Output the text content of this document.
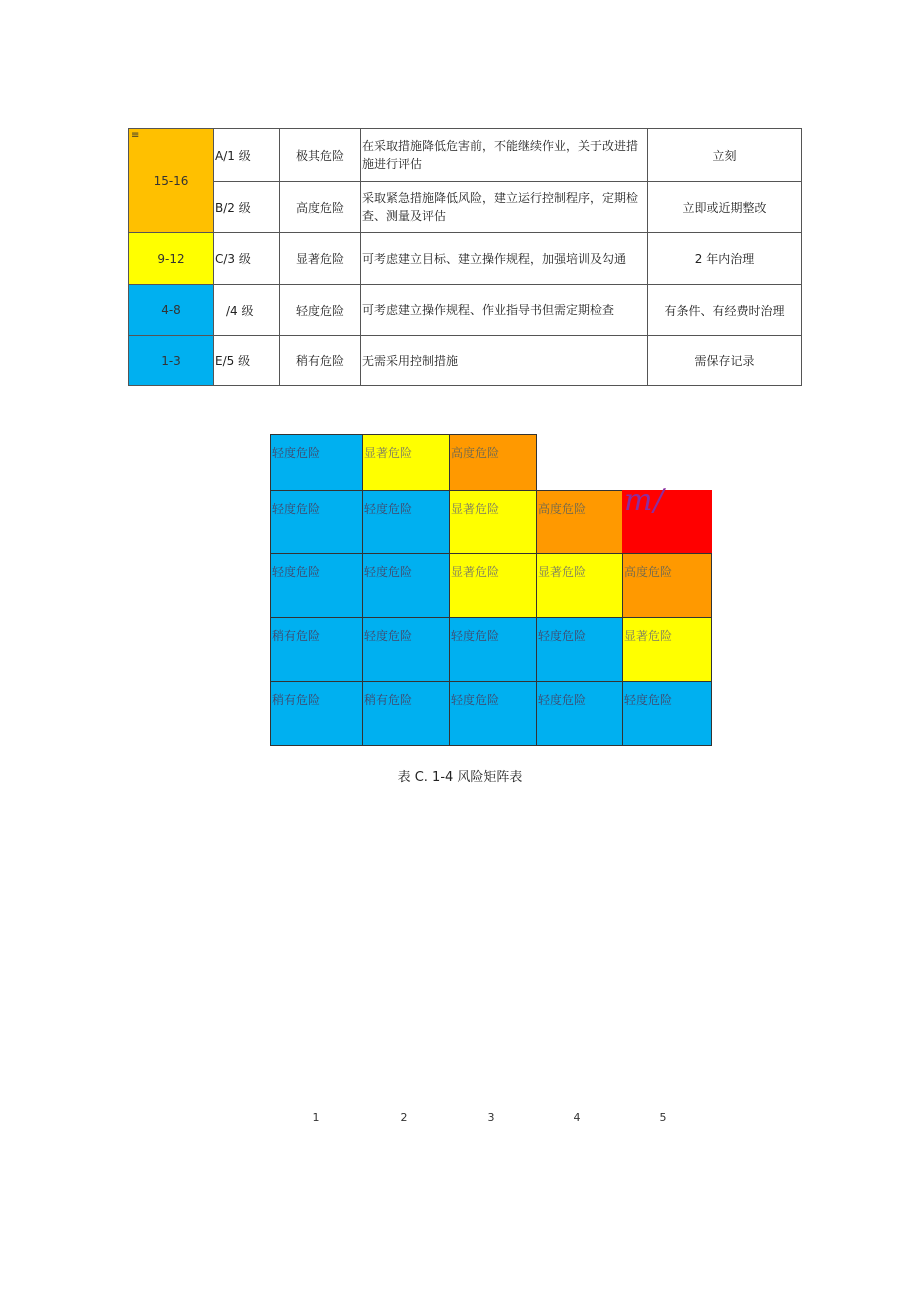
≡
15-16	A/1 级	极其危险	在采取措施降低危害前，不能继续作业，关于改进措施进行评估	立刻
	B/2 级	高度危险	采取紧急措施降低风险，建立运行控制程序，定期检查、测量及评估	立即或近期整改
9-12	C/3 级	显著危险	可考虑建立目标、建立操作规程，加强培训及勾通	2 年内治理
4-8	/4 级	轻度危险	可考虑建立操作规程、作业指导书但需定期检查	有条件、有经费时治理
1-3	E/5 级	稍有危险	无需采用控制措施	需保存记录
轻度危险	显著危险	高度危险
轻度危险	轻度危险	显著危险	高度危险	m/
轻度危险	轻度危险	显著危险	显著危险	高度危险
稍有危险	轻度危险	轻度危险	轻度危险	显著危险
稍有危险	稍有危险	轻度危险	轻度危险	轻度危险
表 C. 1-4 风险矩阵表
1	2	3	4	5
